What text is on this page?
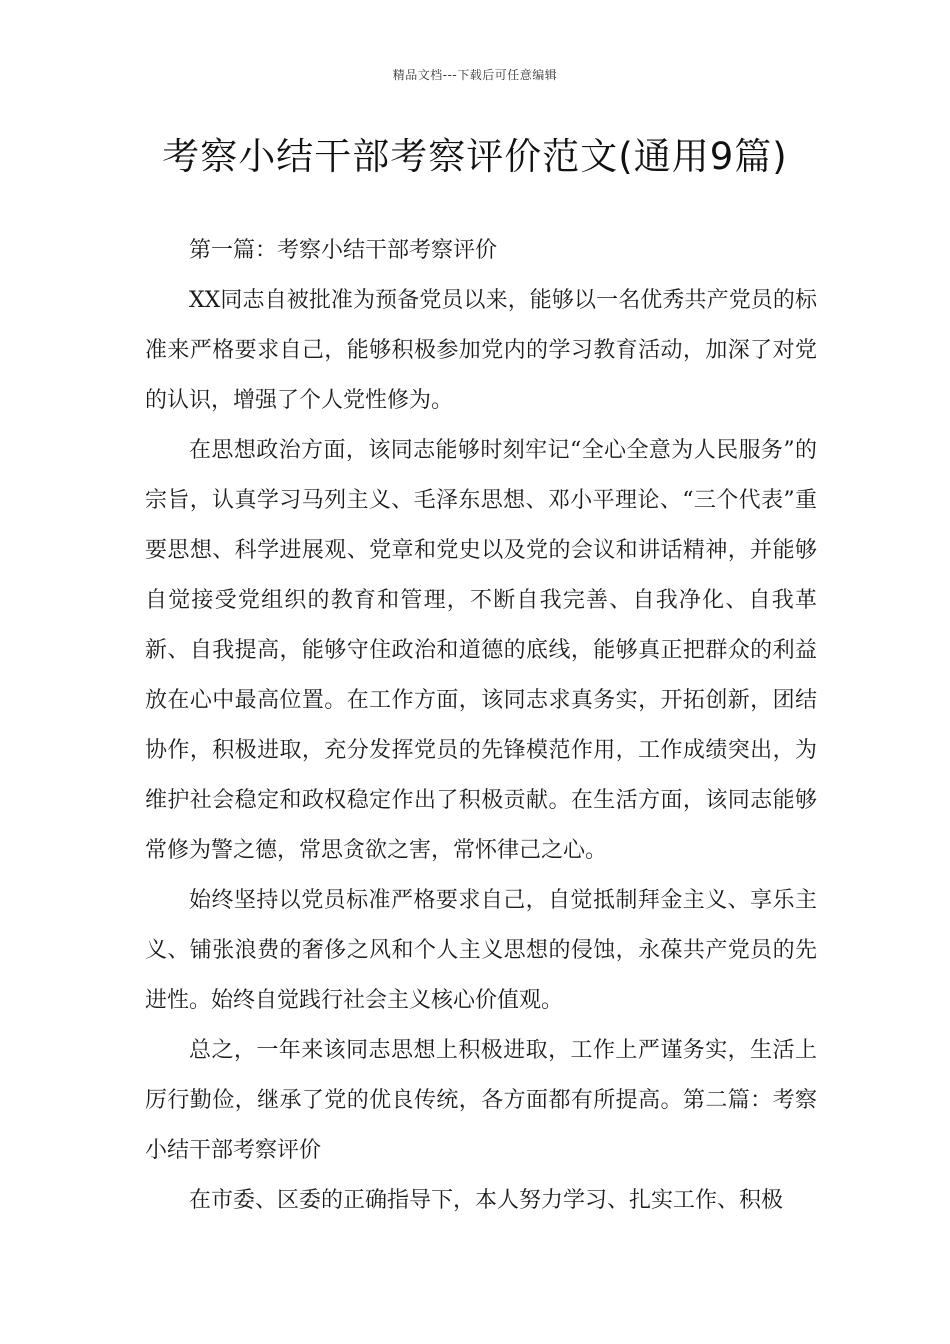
精品文档---下载后可任意编辑
考察小结干部考察评价范文(通用9篇)

第一篇：考察小结干部考察评价

XX同志自被批准为预备党员以来，能够以一名优秀共产党员的标准来严格要求自己，能够积极参加党内的学习教育活动，加深了对党的认识，增强了个人党性修为。

在思想政治方面，该同志能够时刻牢记“全心全意为人民服务”的宗旨，认真学习马列主义、毛泽东思想、邓小平理论、“三个代表”重要思想、科学进展观、党章和党史以及党的会议和讲话精神，并能够自觉接受党组织的教育和管理，不断自我完善、自我净化、自我革新、自我提高，能够守住政治和道德的底线，能够真正把群众的利益放在心中最高位置。在工作方面，该同志求真务实，开拓创新，团结协作，积极进取，充分发挥党员的先锋模范作用，工作成绩突出，为维护社会稳定和政权稳定作出了积极贡献。在生活方面，该同志能够常修为警之德，常思贪欲之害，常怀律己之心。

始终坚持以党员标准严格要求自己，自觉抵制拜金主义、享乐主义、铺张浪费的奢侈之风和个人主义思想的侵蚀，永葆共产党员的先进性。始终自觉践行社会主义核心价值观。

总之，一年来该同志思想上积极进取，工作上严谨务实，生活上厉行勤俭，继承了党的优良传统，各方面都有所提高。第二篇：考察小结干部考察评价

在市委、区委的正确指导下，本人努力学习、扎实工作、积极
